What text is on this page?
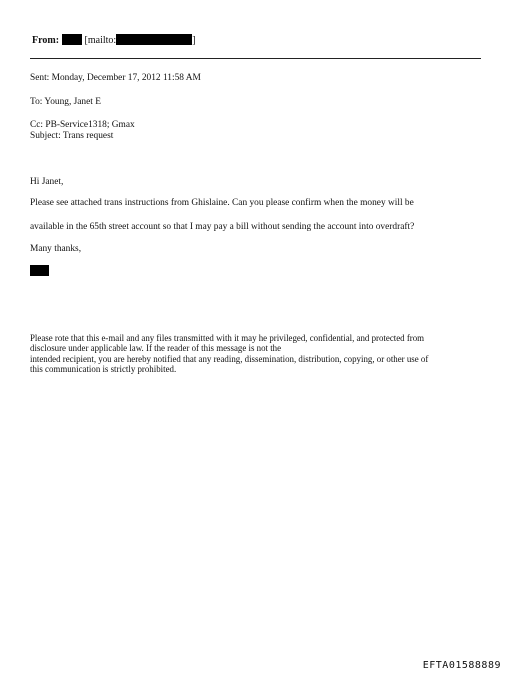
From:	[mailto:	]
Sent: Monday, December 17, 2012 11:58 AM
To: Young, Janet E
Cc: PB-Service1318; Gmax
Subject: Trans request
Hi Janet,
Please see attached trans instructions from Ghislaine. Can you please confirm when the money will be
available in the 65th street account so that I may pay a bill without sending the account into overdraft?
Many thanks,
Please rote that this e-mail and any files transmitted with it may he privileged, confidential, and protected from
disclosure under applicable law. If the reader of this message is not the
intended recipient, you are hereby notified that any reading, dissemination, distribution, copying, or other use of
this communication is strictly prohibited.
EFTA01588889
